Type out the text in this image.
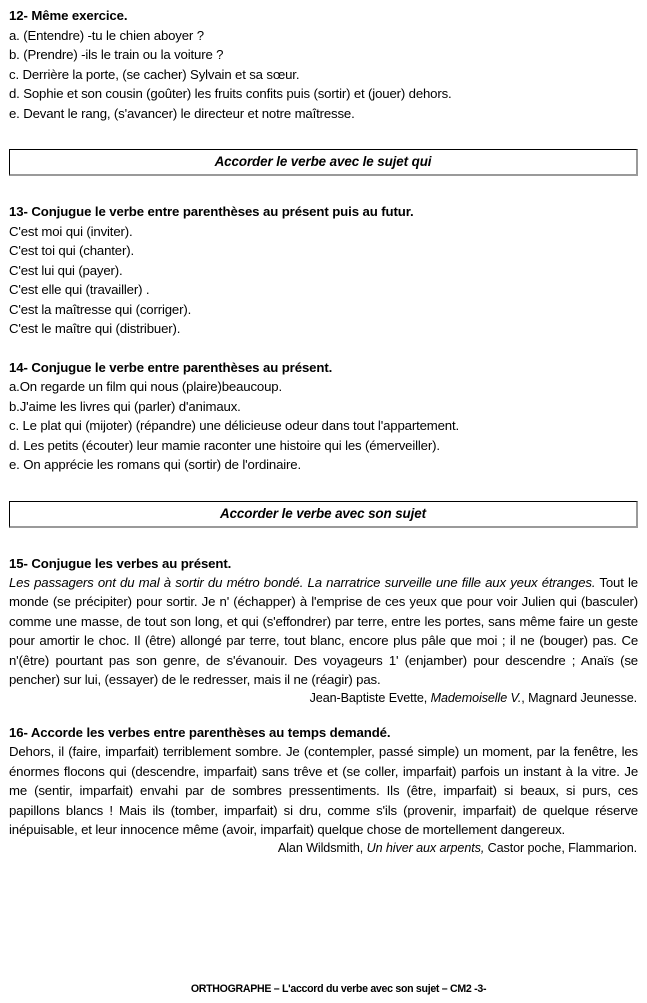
12- Même exercice.
a. (Entendre) -tu le chien aboyer ?
b. (Prendre) -ils le train ou la voiture ?
c. Derrière la porte, (se cacher) Sylvain et sa sœur.
d. Sophie et son cousin (goûter) les fruits confits puis (sortir) et (jouer) dehors.
e. Devant le rang, (s'avancer) le directeur et notre maîtresse.
Accorder le verbe avec le sujet qui
13- Conjugue le verbe entre parenthèses au présent puis au futur.
C'est moi qui (inviter).
C'est toi qui (chanter).
C'est lui qui (payer).
C'est elle qui (travailler) .
C'est la maîtresse qui (corriger).
C'est le maître qui (distribuer).
14- Conjugue le verbe entre parenthèses au présent.
a.On regarde un film qui nous (plaire)beaucoup.
b.J'aime les livres qui (parler) d'animaux.
c. Le plat qui (mijoter) (répandre) une délicieuse odeur dans tout l'appartement.
d. Les petits (écouter) leur mamie raconter une histoire qui les (émerveiller).
e. On apprécie les romans qui (sortir) de l'ordinaire.
Accorder le verbe avec son sujet
15- Conjugue les verbes au présent.

Les passagers ont du mal à sortir du métro bondé. La narratrice surveille une fille aux yeux étranges. Tout le monde (se précipiter) pour sortir. Je n' (échapper) à l'emprise de ces yeux que pour voir Julien qui (basculer) comme une masse, de tout son long, et qui (s'effondrer) par terre, entre les portes, sans même faire un geste pour amortir le choc. Il (être) allongé par terre, tout blanc, encore plus pâle que moi ; il ne (bouger) pas. Ce n'(être) pourtant pas son genre, de s'évanouir. Des voyageurs 1' (enjamber) pour descendre ; Anaïs (se pencher) sur lui, (essayer) de le redresser, mais il ne (réagir) pas.

Jean-Baptiste Evette, Mademoiselle V., Magnard Jeunesse.
16- Accorde les verbes entre parenthèses au temps demandé.

Dehors, il (faire, imparfait) terriblement sombre. Je (contempler, passé simple) un moment, par la fenêtre, les énormes flocons qui (descendre, imparfait) sans trêve et (se coller, imparfait) parfois un instant à la vitre. Je me (sentir, imparfait) envahi par de sombres pressentiments. Ils (être, imparfait) si beaux, si purs, ces papillons blancs ! Mais ils (tomber, imparfait) si dru, comme s'ils (provenir, imparfait) de quelque réserve inépuisable, et leur innocence même (avoir, imparfait) quelque chose de mortellement dangereux.

Alan Wildsmith, Un hiver aux arpents, Castor poche, Flammarion.
ORTHOGRAPHE – L'accord du verbe avec son sujet – CM2 -3-
